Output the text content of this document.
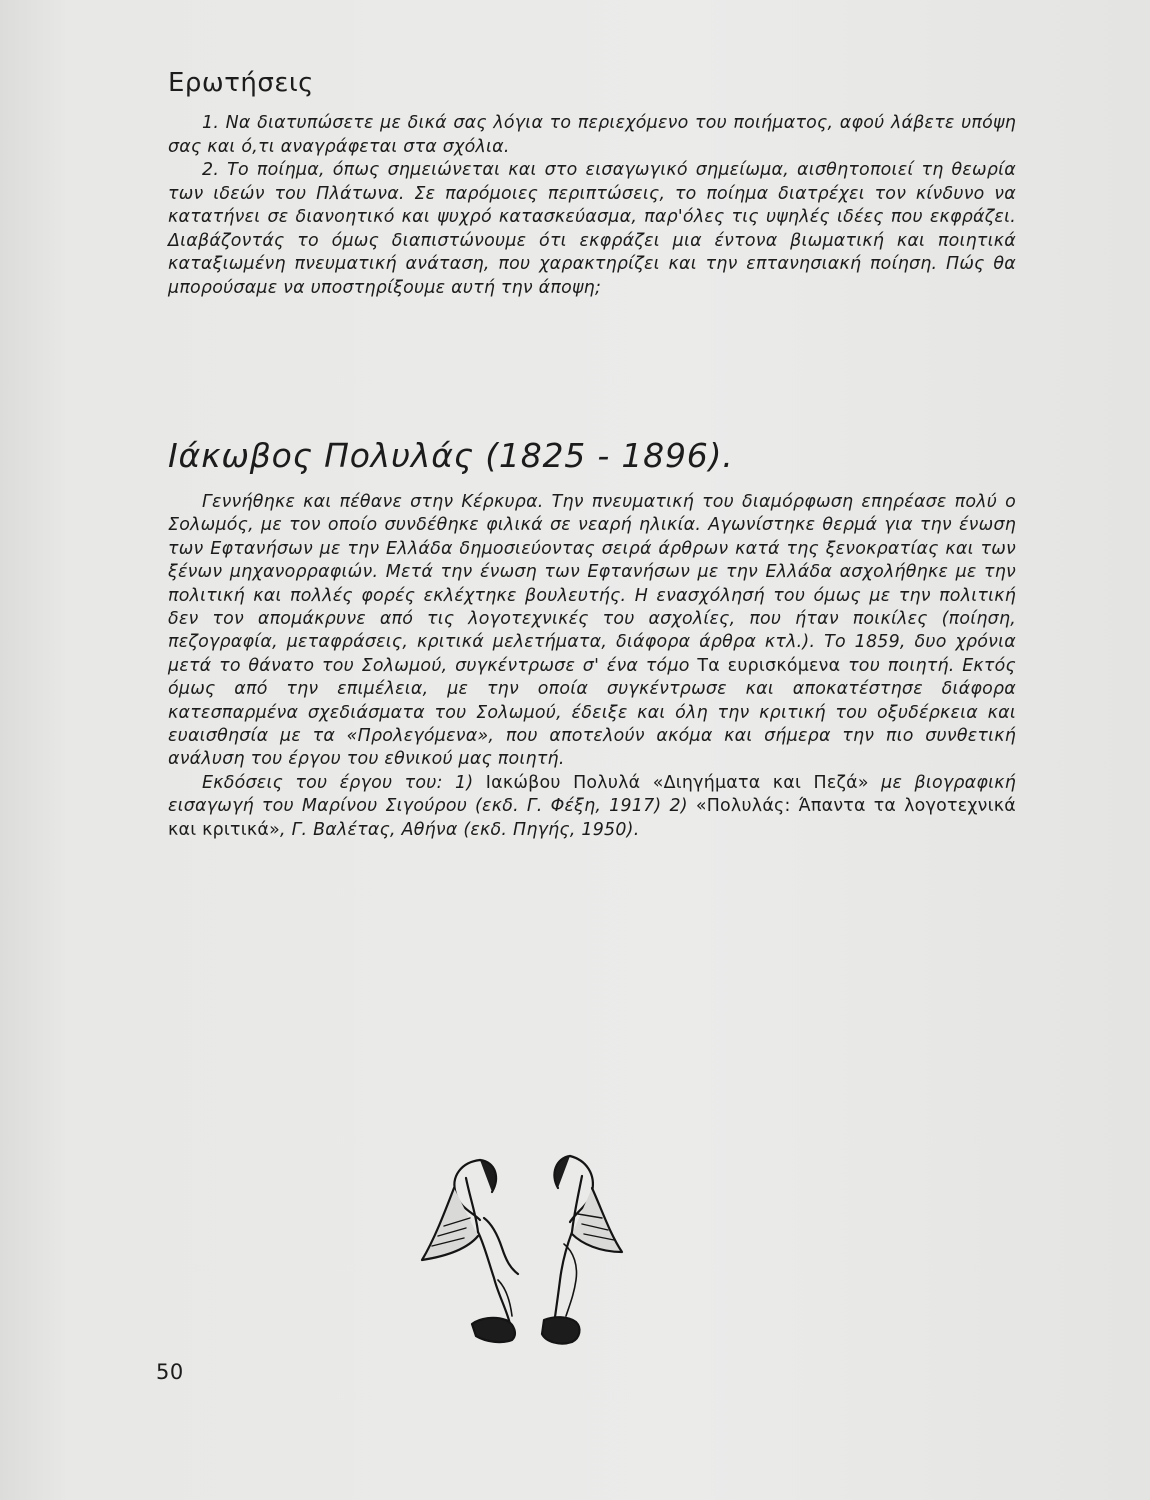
Ερωτήσεις
1. Να διατυπώσετε με δικά σας λόγια το περιεχόμενο του ποιήματος, αφού λάβετε υπόψη σας και ό,τι αναγράφεται στα σχόλια.
2. Το ποίημα, όπως σημειώνεται και στο εισαγωγικό σημείωμα, αισθητοποιεί τη θεωρία των ιδεών του Πλάτωνα. Σε παρόμοιες περιπτώσεις, το ποίημα διατρέχει τον κίνδυνο να κατατήνει σε διανοητικό και ψυχρό κατασκεύασμα, παρ'όλες τις υψηλές ιδέες που εκφράζει. Διαβάζοντάς το όμως διαπιστώνουμε ότι εκφράζει μια έντονα βιωματική και ποιητικά καταξιωμένη πνευματική ανάταση, που χαρακτηρίζει και την επτανησιακή ποίηση. Πώς θα μπορούσαμε να υποστηρίξουμε αυτή την άποψη;
Ιάκωβος Πολυλάς (1825 - 1896).

Γεννήθηκε και πέθανε στην Κέρκυρα. Την πνευματική του διαμόρφωση επηρέασε πολύ ο Σολωμός, με τον οποίο συνδέθηκε φιλικά σε νεαρή ηλικία. Αγωνίστηκε θερμά για την ένωση των Εφτανήσων με την Ελλάδα δημοσιεύοντας σειρά άρθρων κατά της ξενοκρατίας και των ξένων μηχανορραφιών. Μετά την ένωση των Εφτανήσων με την Ελλάδα ασχολήθηκε με την πολιτική και πολλές φορές εκλέχτηκε βουλευτής. Η ενασχόλησή του όμως με την πολιτική δεν τον απομάκρυνε από τις λογοτεχνικές του ασχολίες, που ήταν ποικίλες (ποίηση, πεζογραφία, μεταφράσεις, κριτικά μελετήματα, διάφορα άρθρα κτλ.). Το 1859, δυο χρόνια μετά το θάνατο του Σολωμού, συγκέντρωσε σ' ένα τόμο Τα ευρισκόμενα του ποιητή. Εκτός όμως από την επιμέλεια, με την οποία συγκέντρωσε και αποκατέστησε διάφορα κατεσπαρμένα σχεδιάσματα του Σολωμού, έδειξε και όλη την κριτική του οξυδέρκεια και ευαισθησία με τα «Προλεγόμενα», που αποτελούν ακόμα και σήμερα την πιο συνθετική ανάλυση του έργου του εθνικού μας ποιητή.

Εκδόσεις του έργου του: 1) Ιακώβου Πολυλά «Διηγήματα και Πεζά» με βιογραφική εισαγωγή του Μαρίνου Σιγούρου (εκδ. Γ. Φέξη, 1917) 2) «Πολυλάς: Άπαντα τα λογοτεχνικά και κριτικά», Γ. Βαλέτας, Αθήνα (εκδ. Πηγής, 1950).

50
